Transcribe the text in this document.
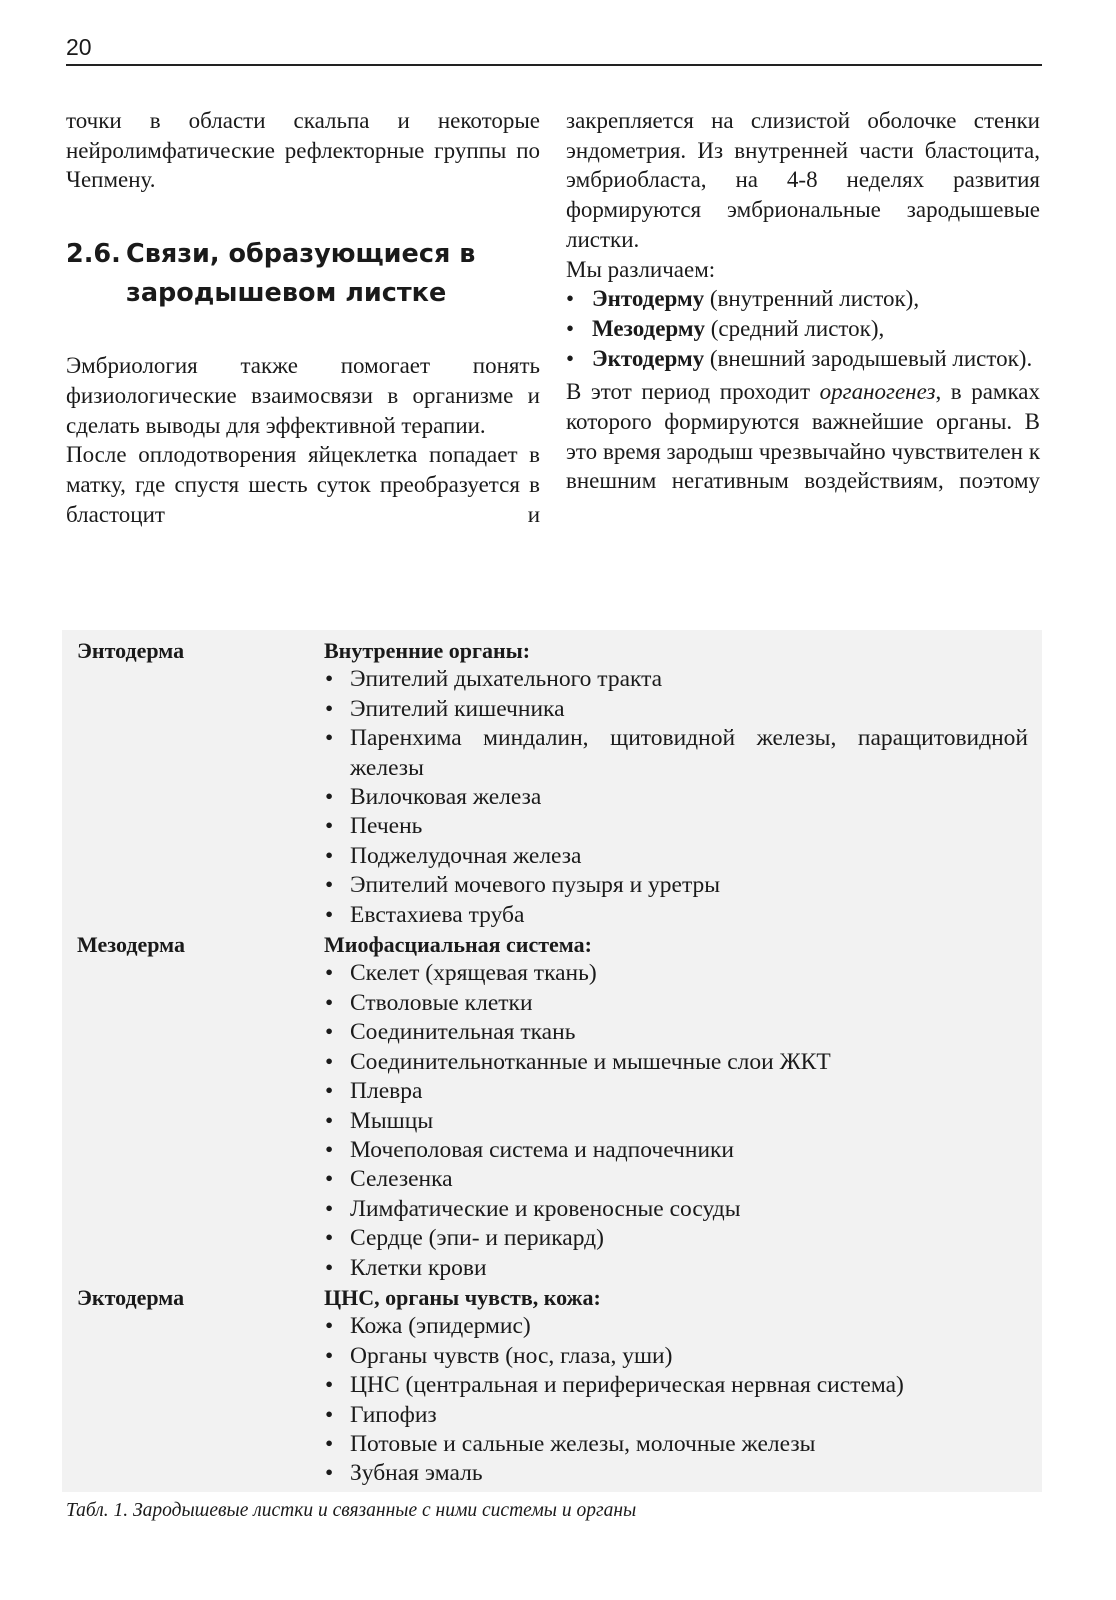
20

точки в области скальпа и некоторые нейролимфатические рефлекторные группы по Чепмену.

2.6. Связи, образующиеся в
зародышевом листке

Эмбриология также помогает понять физиологические взаимосвязи в организме и сделать выводы для эффективной терапии.

После оплодотворения яйцеклетка попадает в матку, где спустя шесть суток преобразуется в бластоцит и

закрепляется на слизистой оболочке стенки эндометрия. Из внутренней части бластоцита, эмбриобласта, на 4-8 неделях развития формируются эмбриональные зародышевые листки.

Мы различаем:

• Энтодерму (внутренний листок),
• Мезодерму (средний листок),
• Эктодерму (внешний зародышевый листок).

В этот период проходит органогенез, в рамках которого формируются важнейшие органы. В это время зародыш чрезвычайно чувствителен к внешним негативным воздействиям, поэтому

Энтодерма	Внутренние органы:
• Эпителий дыхательного тракта
• Эпителий кишечника
• Паренхима миндалин, щитовидной железы, паращитовидной железы
• Вилочковая железа
• Печень
• Поджелудочная железа
• Эпителий мочевого пузыря и уретры
• Евстахиева труба
Мезодерма	Миофасциальная система:
• Скелет (хрящевая ткань)
• Стволовые клетки
• Соединительная ткань
• Соединительнотканные и мышечные слои ЖКТ
• Плевра
• Мышцы
• Мочеполовая система и надпочечники
• Селезенка
• Лимфатические и кровеносные сосуды
• Сердце (эпи- и перикард)
• Клетки крови
Эктодерма	ЦНС, органы чувств, кожа:
• Кожа (эпидермис)
• Органы чувств (нос, глаза, уши)
• ЦНС (центральная и периферическая нервная система)
• Гипофиз
• Потовые и сальные железы, молочные железы
• Зубная эмаль
Табл. 1. Зародышевые листки и связанные с ними системы и органы
